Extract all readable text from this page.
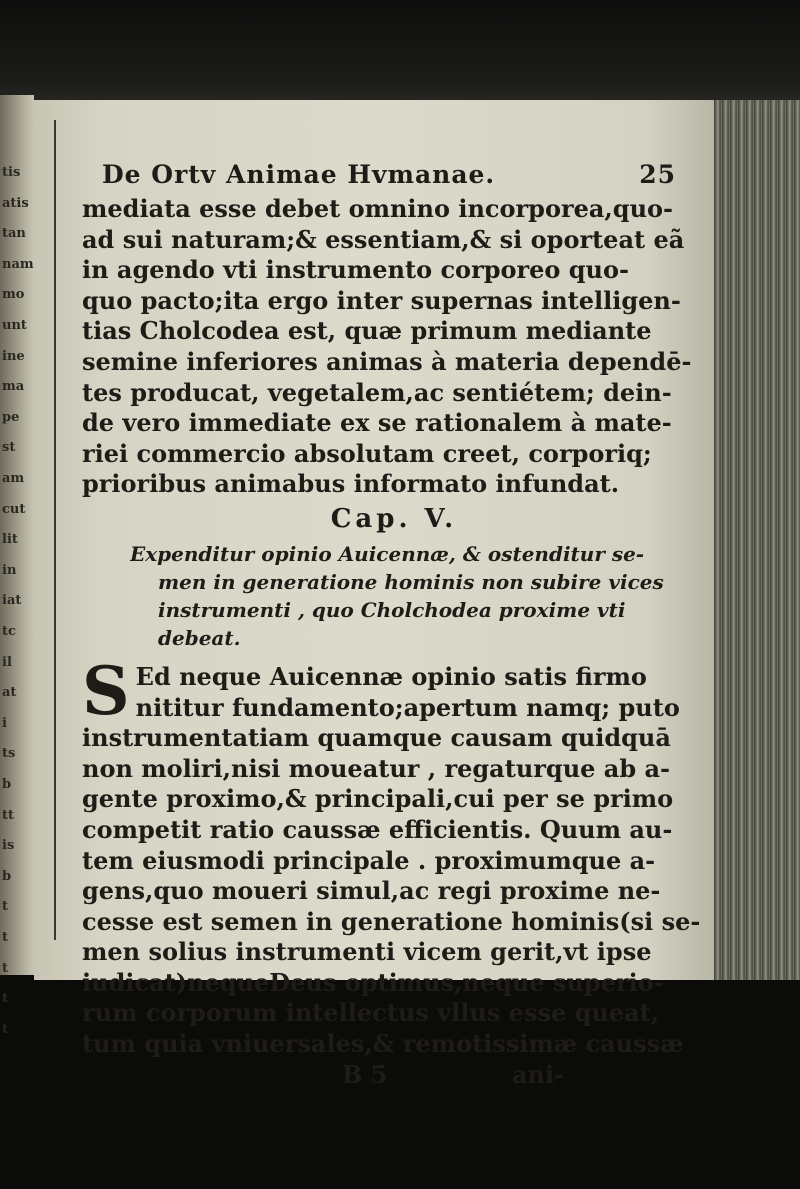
tis
atis
tan
nam
mo
unt
ine
ma
pe
st
am
cut
lit
in
iat
tc
il
at
i
ts
b
tt
is
b
t
t
t
t
t
De Ortv Animae Hvmanae.	25
mediata esse debet omnino incorporea,quo-
ad sui naturam;& essentiam,& si oporteat eã
in agendo vti instrumento corporeo quo-
quo pacto;ita ergo inter supernas intelligen-
tias Cholcodea est, quæ primum mediante
semine inferiores animas à materia dependē-
tes producat, vegetalem,ac sentiétem; dein-
de vero immediate ex se rationalem à mate-
riei commercio absolutam creet, corporiq;
prioribus animabus informato infundat.
Cap. V.
Expenditur opinio Auicennæ, & ostenditur se-
men in generatione hominis non subire vices
instrumenti , quo Cholchodea proxime vti
debeat.
S Ed neque Auicennæ opinio satis firmo
nititur fundamento;apertum namq; puto
instrumentatiam quamque causam quidquā
non moliri,nisi moueatur , regaturque ab a-
gente proximo,& principali,cui per se primo
competit ratio caussæ efficientis. Quum au-
tem eiusmodi principale . proximumque a-
gens,quo moueri simul,ac regi proxime ne-
cesse est semen in generatione hominis(si se-
men solius instrumenti vicem gerit,vt ipse
iudicat)nequeDeus optimus,neque superio-
rum corporum intellectus vllus esse queat,
tum quia vniuersales,& remotissimæ caussæ
B 5	ani-
